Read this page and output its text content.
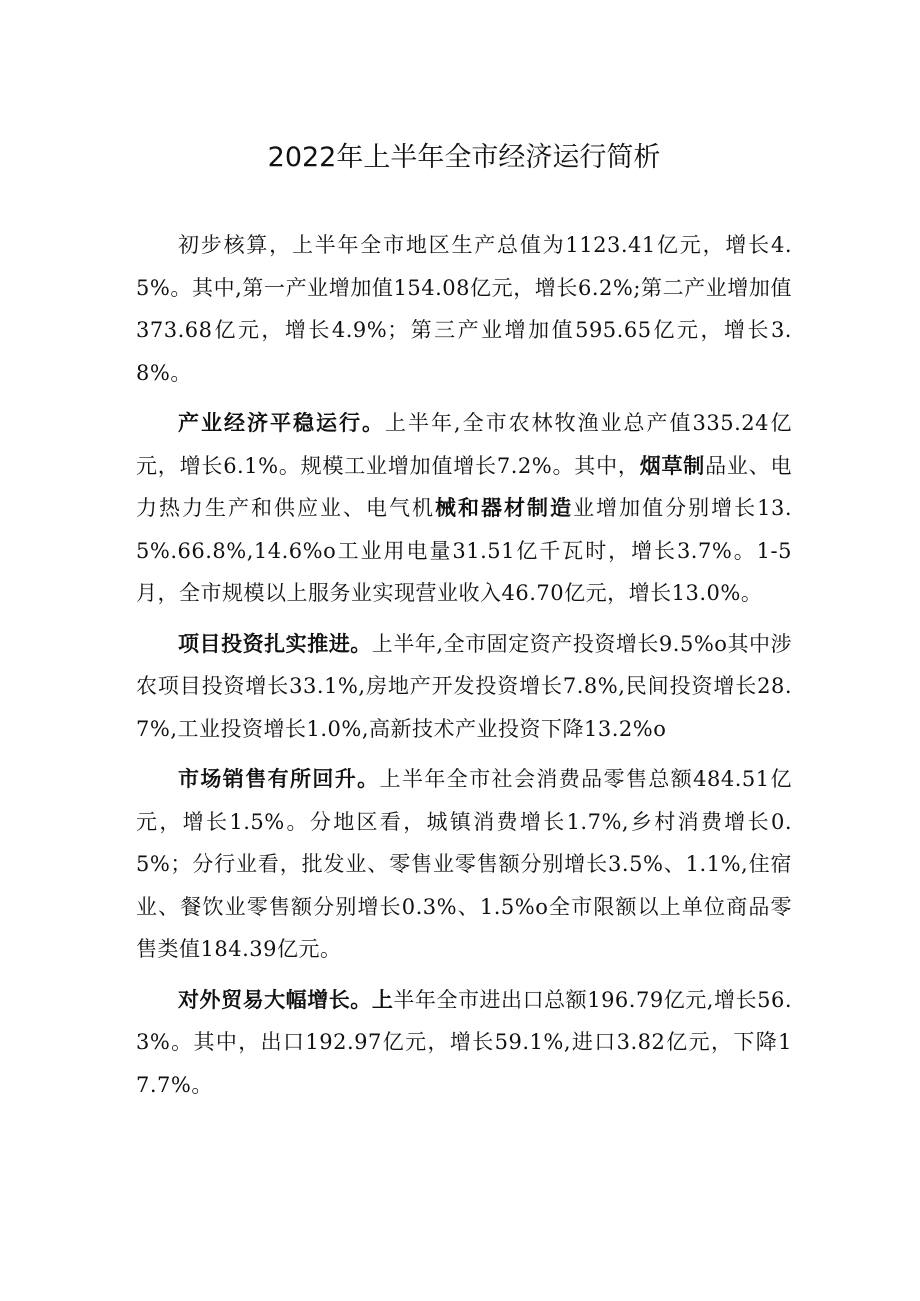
2022年上半年全市经济运行简析

初步核算，上半年全市地区生产总值为1123.41亿元，增长4.5%。其中,第一产业增加值154.08亿元，增长6.2%;第二产业增加值373.68亿元，增长4.9%；第三产业增加值595.65亿元，增长3.8%。

产业经济平稳运行。上半年,全市农林牧渔业总产值335.24亿元，增长6.1%。规模工业增加值增长7.2%。其中，烟草制品业、电力热力生产和供应业、电气机械和器材制造业增加值分别增长13.5%.66.8%,14.6%o工业用电量31.51亿千瓦时，增长3.7%。1-5月，全市规模以上服务业实现营业收入46.70亿元，增长13.0%。

项目投资扎实推进。上半年,全市固定资产投资增长9.5%o其中涉农项目投资增长33.1%,房地产开发投资增长7.8%,民间投资增长28.7%,工业投资增长1.0%,高新技术产业投资下降13.2%o

市场销售有所回升。上半年全市社会消费品零售总额484.51亿元，增长1.5%。分地区看，城镇消费增长1.7%,乡村消费增长0.5%；分行业看，批发业、零售业零售额分别增长3.5%、1.1%,住宿业、餐饮业零售额分别增长0.3%、1.5%o全市限额以上单位商品零售类值184.39亿元。

对外贸易大幅增长。上半年全市进出口总额196.79亿元,增长56.3%。其中，出口192.97亿元，增长59.1%,进口3.82亿元，下降17.7%。
